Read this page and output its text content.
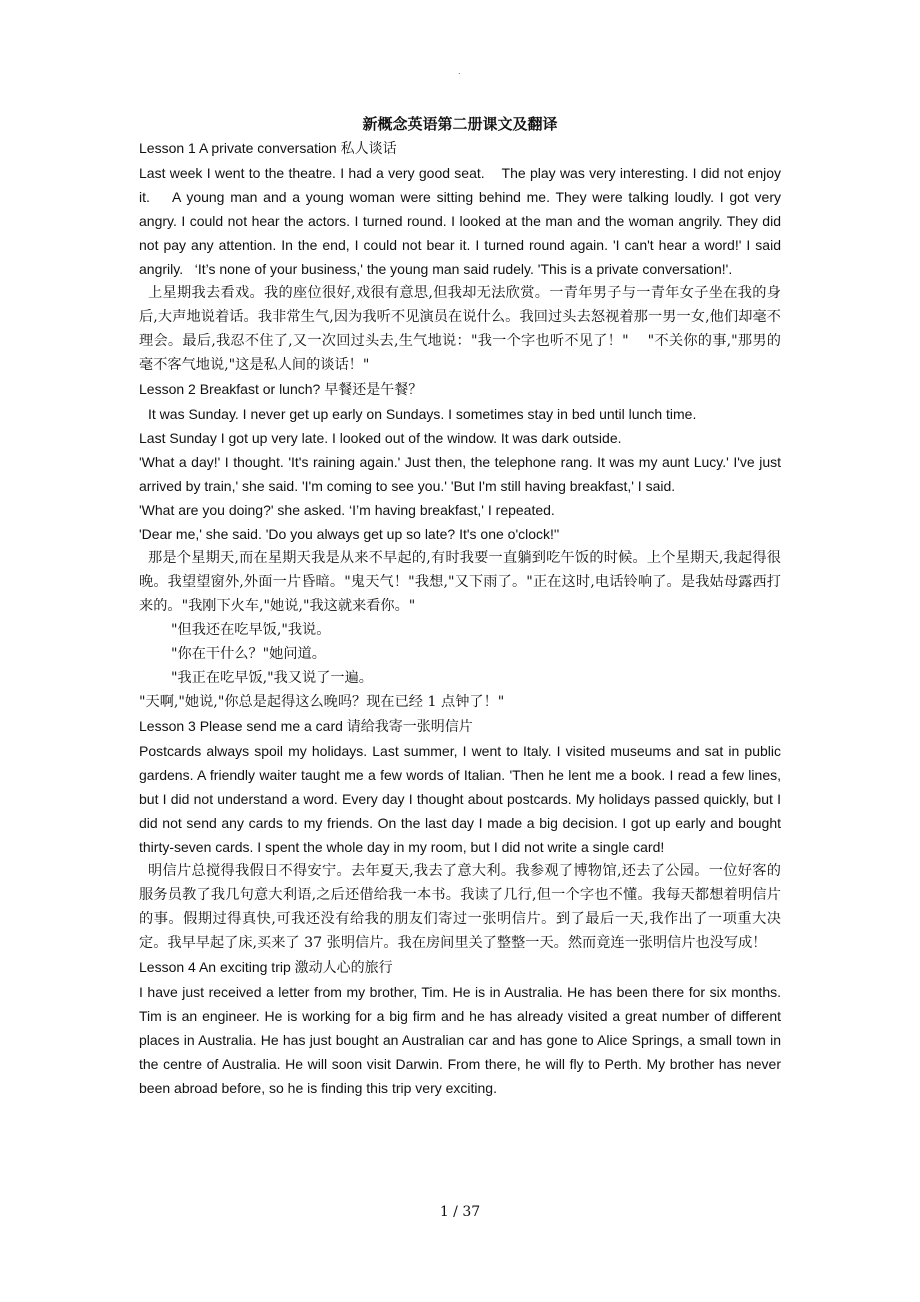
.
新概念英语第二册课文及翻译
Lesson 1 A private conversation 私人谈话
Last week I went to the theatre. I had a very good seat.    The play was very interesting. I did not enjoy it.    A young man and a young woman were sitting behind me. They were talking loudly. I got very angry. I could not hear the actors. I turned round. I looked at the man and the woman angrily. They did not pay any attention. In the end, I could not bear it. I turned round again. 'I can't hear a word!' I said angrily.   ‘It’s none of your business,' the young man said rudely. 'This is a private conversation!'.
上星期我去看戏。我的座位很好,戏很有意思,但我却无法欣赏。一青年男子与一青年女子坐在我的身后,大声地说着话。我非常生气,因为我听不见演员在说什么。我回过头去怒视着那一男一女,他们却毫不理会。最后,我忍不住了,又一次回过头去,生气地说："我一个字也听不见了！"    "不关你的事,"那男的毫不客气地说,"这是私人间的谈话！"
Lesson 2 Breakfast or lunch? 早餐还是午餐？
It was Sunday. I never get up early on Sundays. I sometimes stay in bed until lunch time.
Last Sunday I got up very late. I looked out of the window. It was dark outside.
'What a day!' I thought. 'It's raining again.' Just then, the telephone rang. It was my aunt Lucy.' I've just arrived by train,' she said. 'I'm coming to see you.' 'But I'm still having breakfast,' I said.
'What are you doing?' she asked. ‘I’m having breakfast,' I repeated.
'Dear me,' she said. 'Do you always get up so late? It's one o'clock!''
那是个星期天,而在星期天我是从来不早起的,有时我要一直躺到吃午饭的时候。上个星期天,我起得很晚。我望望窗外,外面一片昏暗。"鬼天气！"我想,"又下雨了。"正在这时,电话铃响了。是我姑母露西打来的。"我刚下火车,"她说,"我这就来看你。"
"但我还在吃早饭,"我说。
"你在干什么？"她问道。
"我正在吃早饭,"我又说了一遍。
"天啊,"她说,"你总是起得这么晚吗？现在已经 1 点钟了！"
Lesson 3 Please send me a card 请给我寄一张明信片
Postcards always spoil my holidays. Last summer, I went to Italy. I visited museums and sat in public gardens. A friendly waiter taught me a few words of Italian. 'Then he lent me a book. I read a few lines, but I did not understand a word. Every day I thought about postcards. My holidays passed quickly, but I did not send any cards to my friends. On the last day I made a big decision. I got up early and bought thirty-seven cards. I spent the whole day in my room, but I did not write a single card!
明信片总搅得我假日不得安宁。去年夏天,我去了意大利。我参观了博物馆,还去了公园。一位好客的服务员教了我几句意大利语,之后还借给我一本书。我读了几行,但一个字也不懂。我每天都想着明信片的事。假期过得真快,可我还没有给我的朋友们寄过一张明信片。到了最后一天,我作出了一项重大决定。我早早起了床,买来了 37 张明信片。我在房间里关了整整一天。然而竟连一张明信片也没写成！
Lesson 4 An exciting trip 激动人心的旅行
I have just received a letter from my brother, Tim. He is in Australia. He has been there for six months. Tim is an engineer. He is working for a big firm and he has already visited a great number of different places in Australia. He has just bought an Australian car and has gone to Alice Springs, a small town in the centre of Australia. He will soon visit Darwin. From there, he will fly to Perth. My brother has never been abroad before, so he is finding this trip very exciting.
1 / 37
